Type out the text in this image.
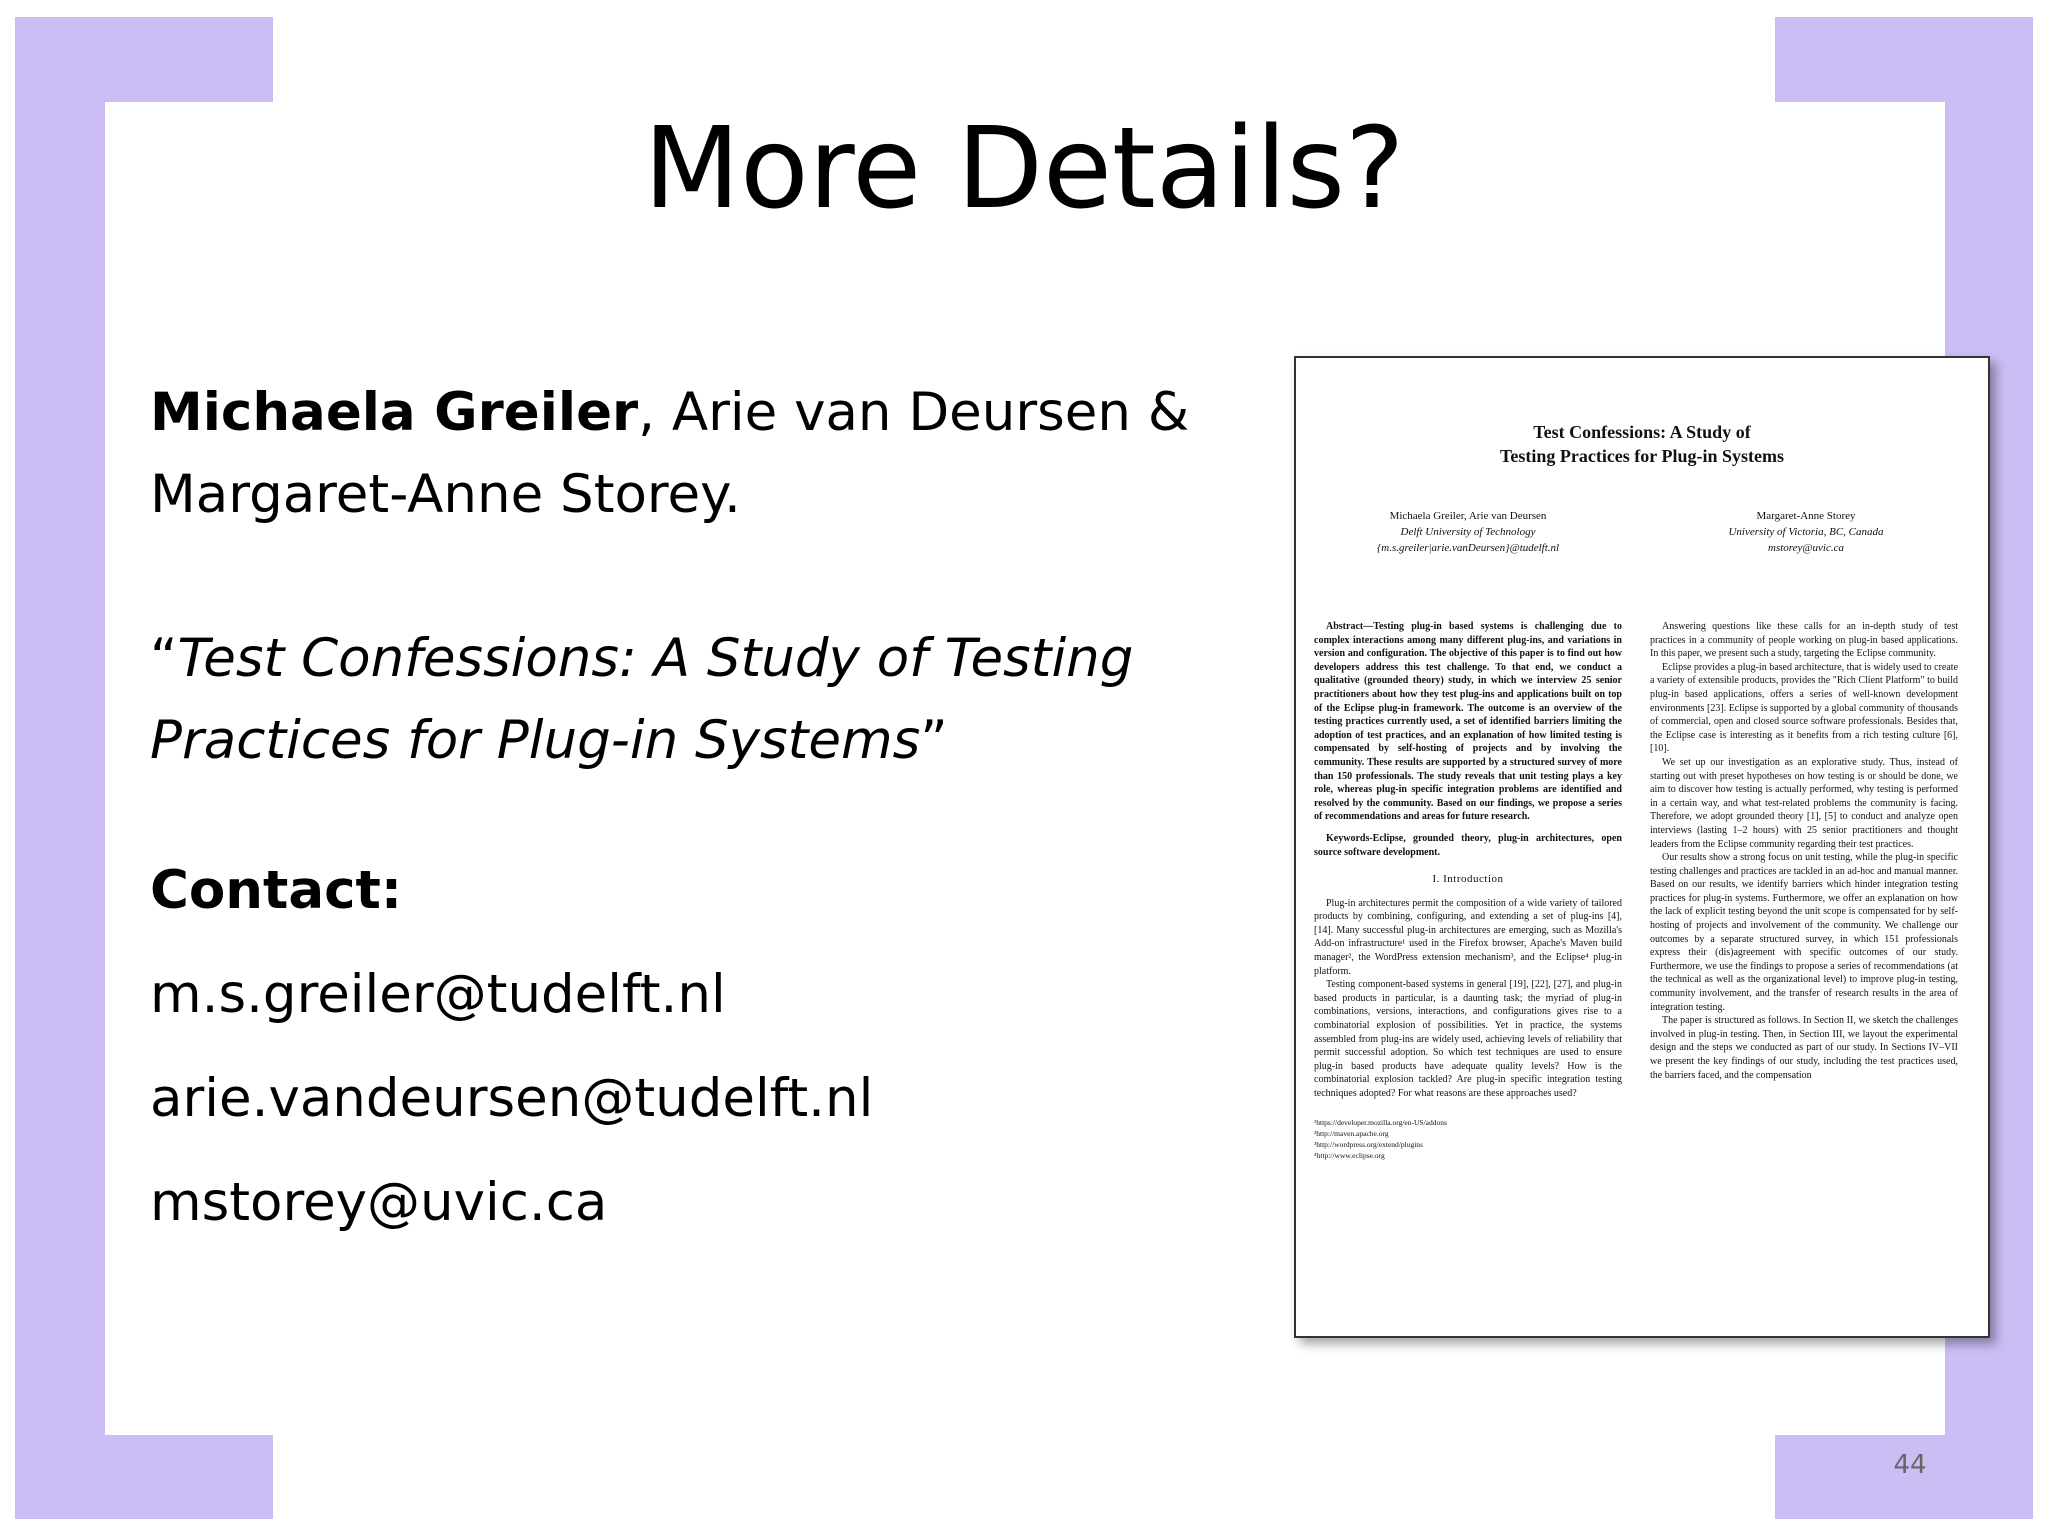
More Details?
Michaela Greiler, Arie van Deursen &
Margaret-Anne Storey.
“Test Confessions: A Study of Testing
Practices for Plug-in Systems”
Contact:
m.s.greiler@tudelft.nl
arie.vandeursen@tudelft.nl
mstorey@uvic.ca
Test Confessions: A Study of
Testing Practices for Plug-in Systems
Michaela Greiler, Arie van Deursen
Delft University of Technology
{m.s.greiler|arie.vanDeursen}@tudelft.nl
Margaret-Anne Storey
University of Victoria, BC, Canada
mstorey@uvic.ca

Abstract—Testing plug-in based systems is challenging due to complex interactions among many different plug-ins, and variations in version and configuration. The objective of this paper is to find out how developers address this test challenge. To that end, we conduct a qualitative (grounded theory) study, in which we interview 25 senior practitioners about how they test plug-ins and applications built on top of the Eclipse plug-in framework. The outcome is an overview of the testing practices currently used, a set of identified barriers limiting the adoption of test practices, and an explanation of how limited testing is compensated by self-hosting of projects and by involving the community. These results are supported by a structured survey of more than 150 professionals. The study reveals that unit testing plays a key role, whereas plug-in specific integration problems are identified and resolved by the community. Based on our findings, we propose a series of recommendations and areas for future research.

Keywords-Eclipse, grounded theory, plug-in architectures, open source software development.

I. Introduction

Plug-in architectures permit the composition of a wide variety of tailored products by combining, configuring, and extending a set of plug-ins [4], [14]. Many successful plug-in architectures are emerging, such as Mozilla's Add-on infrastructure¹ used in the Firefox browser, Apache's Maven build manager², the WordPress extension mechanism³, and the Eclipse⁴ plug-in platform.

Testing component-based systems in general [19], [22], [27], and plug-in based products in particular, is a daunting task; the myriad of plug-in combinations, versions, interactions, and configurations gives rise to a combinatorial explosion of possibilities. Yet in practice, the systems assembled from plug-ins are widely used, achieving levels of reliability that permit successful adoption. So which test techniques are used to ensure plug-in based products have adequate quality levels? How is the combinatorial explosion tackled? Are plug-in specific integration testing techniques adopted? For what reasons are these approaches used?

¹https://developer.mozilla.org/en-US/addons
²http://maven.apache.org
³http://wordpress.org/extend/plugins
⁴http://www.eclipse.org

Answering questions like these calls for an in-depth study of test practices in a community of people working on plug-in based applications. In this paper, we present such a study, targeting the Eclipse community.

Eclipse provides a plug-in based architecture, that is widely used to create a variety of extensible products, provides the "Rich Client Platform" to build plug-in based applications, offers a series of well-known development environments [23]. Eclipse is supported by a global community of thousands of commercial, open and closed source software professionals. Besides that, the Eclipse case is interesting as it benefits from a rich testing culture [6], [10].

We set up our investigation as an explorative study. Thus, instead of starting out with preset hypotheses on how testing is or should be done, we aim to discover how testing is actually performed, why testing is performed in a certain way, and what test-related problems the community is facing. Therefore, we adopt grounded theory [1], [5] to conduct and analyze open interviews (lasting 1–2 hours) with 25 senior practitioners and thought leaders from the Eclipse community regarding their test practices.

Our results show a strong focus on unit testing, while the plug-in specific testing challenges and practices are tackled in an ad-hoc and manual manner. Based on our results, we identify barriers which hinder integration testing practices for plug-in systems. Furthermore, we offer an explanation on how the lack of explicit testing beyond the unit scope is compensated for by self-hosting of projects and involvement of the community. We challenge our outcomes by a separate structured survey, in which 151 professionals express their (dis)agreement with specific outcomes of our study. Furthermore, we use the findings to propose a series of recommendations (at the technical as well as the organizational level) to improve plug-in testing, community involvement, and the transfer of research results in the area of integration testing.

The paper is structured as follows. In Section II, we sketch the challenges involved in plug-in testing. Then, in Section III, we layout the experimental design and the steps we conducted as part of our study. In Sections IV–VII we present the key findings of our study, including the test practices used, the barriers faced, and the compensation

44
